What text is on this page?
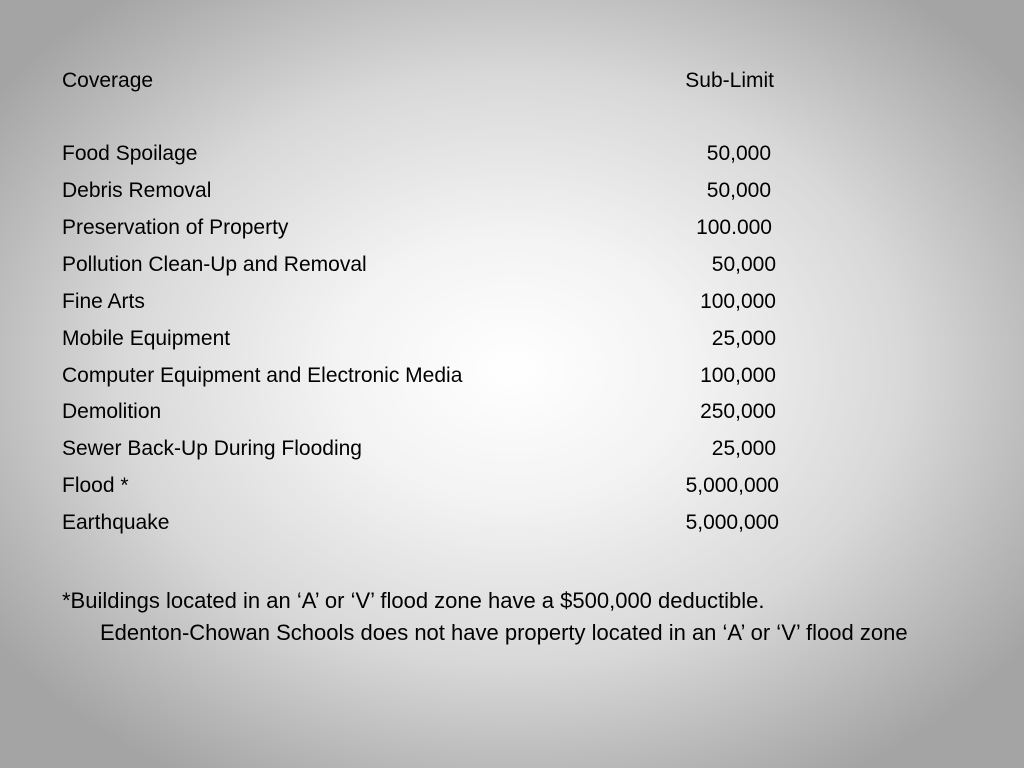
Coverage	Sub-Limit
Food Spoilage	50,000
Debris Removal	50,000
Preservation of Property	100.000
Pollution Clean-Up and Removal	50,000
Fine Arts	100,000
Mobile Equipment	25,000
Computer Equipment and Electronic Media	100,000
Demolition	250,000
Sewer Back-Up During Flooding	25,000
Flood *	5,000,000
Earthquake	5,000,000
*Buildings located in an ‘A’ or ‘V’ flood zone have a $500,000 deductible.
Edenton-Chowan Schools does not have property located in an ‘A’ or ‘V’ flood zone
